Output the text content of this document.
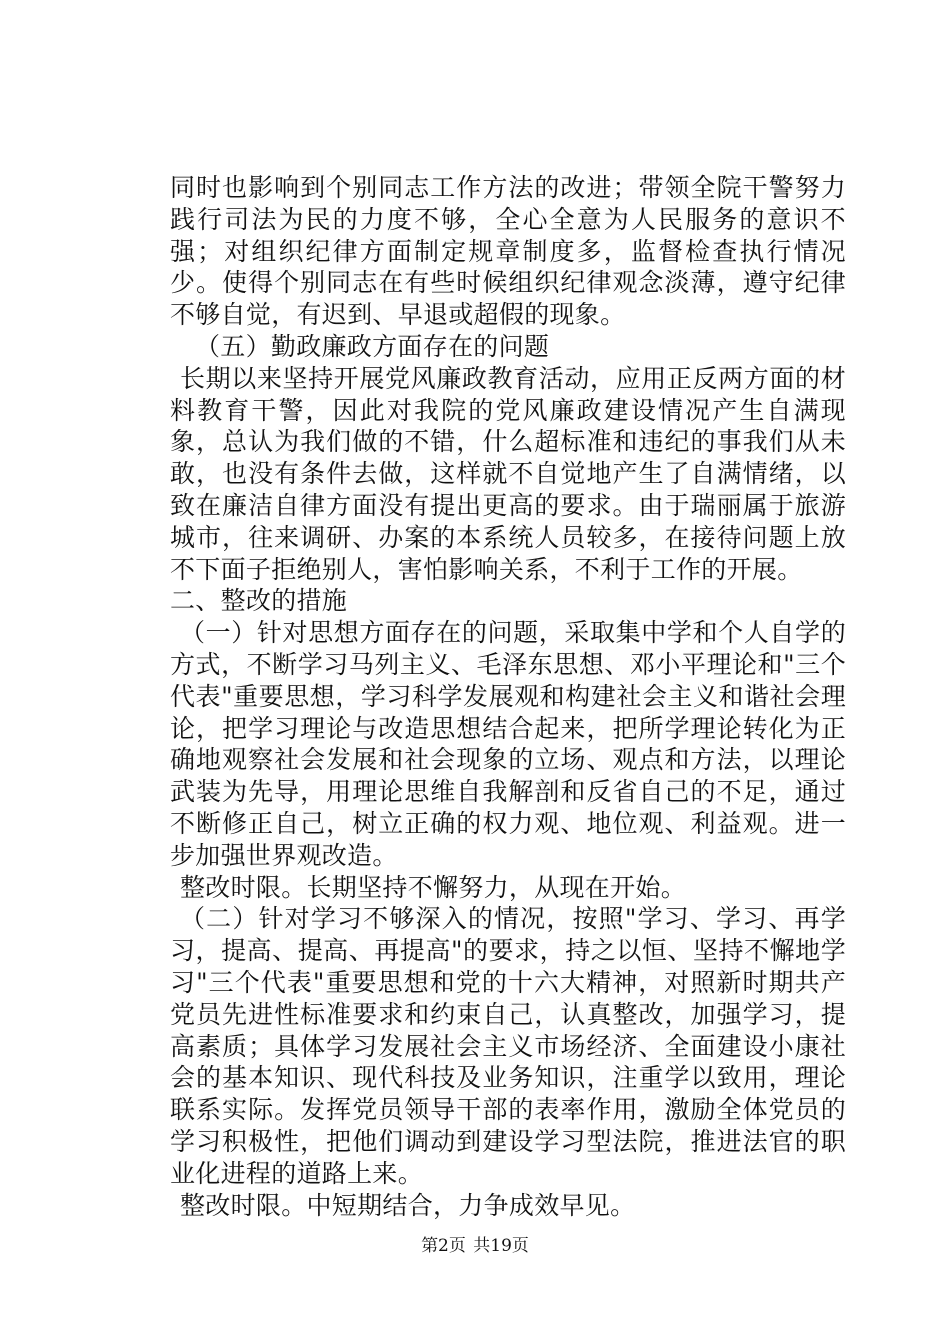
同时也影响到个别同志工作方法的改进；带领全院干警努力践行司法为民的力度不够，全心全意为人民服务的意识不强；对组织纪律方面制定规章制度多，监督检查执行情况少。使得个别同志在有些时候组织纪律观念淡薄，遵守纪律不够自觉，有迟到、早退或超假的现象。

（五）勤政廉政方面存在的问题

长期以来坚持开展党风廉政教育活动，应用正反两方面的材料教育干警，因此对我院的党风廉政建设情况产生自满现象，总认为我们做的不错，什么超标准和违纪的事我们从未敢，也没有条件去做，这样就不自觉地产生了自满情绪，以致在廉洁自律方面没有提出更高的要求。由于瑞丽属于旅游城市，往来调研、办案的本系统人员较多，在接待问题上放不下面子拒绝别人，害怕影响关系，不利于工作的开展。

二、整改的措施

（一）针对思想方面存在的问题，采取集中学和个人自学的方式，不断学习马列主义、毛泽东思想、邓小平理论和"三个代表"重要思想，学习科学发展观和构建社会主义和谐社会理论，把学习理论与改造思想结合起来，把所学理论转化为正确地观察社会发展和社会现象的立场、观点和方法，以理论武装为先导，用理论思维自我解剖和反省自己的不足，通过不断修正自己，树立正确的权力观、地位观、利益观。进一步加强世界观改造。

整改时限。长期坚持不懈努力，从现在开始。

（二）针对学习不够深入的情况，按照"学习、学习、再学习，提高、提高、再提高"的要求，持之以恒、坚持不懈地学习"三个代表"重要思想和党的十六大精神，对照新时期共产党员先进性标准要求和约束自己，认真整改，加强学习，提高素质；具体学习发展社会主义市场经济、全面建设小康社会的基本知识、现代科技及业务知识，注重学以致用，理论联系实际。发挥党员领导干部的表率作用，激励全体党员的学习积极性，把他们调动到建设学习型法院，推进法官的职业化进程的道路上来。

整改时限。中短期结合，力争成效早见。

第2页 共19页
